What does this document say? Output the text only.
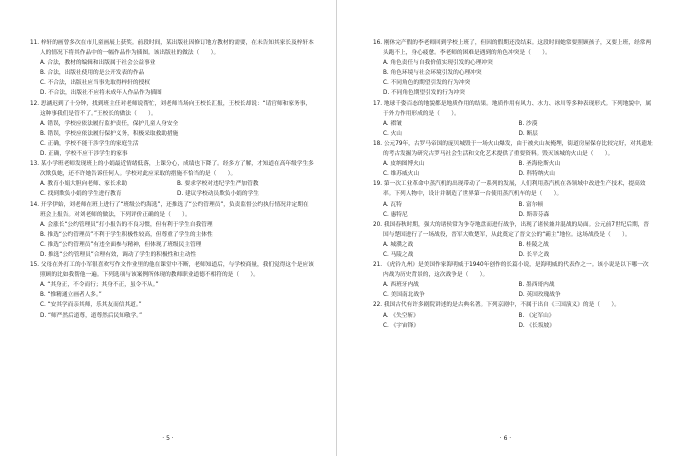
11. 梓轩的画曾多次在市儿童画展上获奖。前段时间，某出版社因修订地方教材的需要，在未告知其家长及梓轩本人的情况下将其作品中的一幅作品作为插图。该出版社的做法（　　）。

A. 合法，教材的编辑和出版属于社会公益事业

B. 合法，出版社使用的是公开发表的作品

C. 不合法，出版社应当事先取得梓轩的授权

D. 不合法，出版社不应将未成年人作品作为插图

12. 思涵迟到了十分钟，找到班主任对老师说帮忙，刘老师当场向王校长汇报，王校长却说：“请官师和家务事，这种事我们是管不了。”王校长的做法（　　）。

A. 错误，学校应依法履行监护责任，保护儿童人身安全

B. 错误，学校应依法履行保护义务，积极采取救助措施

C. 正确，学校不能干涉学生的家庭生活

D. 正确，学校不应干涉学生的家事

13. 某小学班老师发现班上的小娟最近情绪低落，上课分心，成绩也下降了。经多方了解，才知道在高年级学生多次欺负她，还不许她告诉任何人。学校对此应采取的措施不恰当的是（　　）。

A. 教育小娟大胆向老师、家长求助	B. 要求学校对违纪学生严加管教

C. 找到欺负小娟的学生进行教育	D. 建议学校动员欺负小娟的学生

14. 开学伊始，刘老师在班上进行了“班级公约海选”，还推选了“公约管理员”，负责监督公约执行情况并定期在班会上报告。对刘老师的做法，下列评价正确的是（　　）。

A. 会涨长“公约管理员”打小报告的不良习惯，但有利于学生自我管理

B. 推选“公约管理员”不利于学生积极性较高，但尊重了学生的主体性

C. 推选“公约管理员”有违全面参与精神，但体现了班级民主管理

D. 推选“公约管理员”合理有效，调动了学生的积极性和主动性

15. 父母在外打工的小军很喜欢写作文作业里的他在课堂中不断，老师知道后，与学校商量，我们觉得这个是应该照顾的比如我帮他一遍。下列选项与该案例所体现的教师职业道德不相符的是（　　）。

A. “其身正，不令而行；其身不正，虽令不从。”

B. “惟精通立画者人多。”

C. “安其学而亲其师，乐其友而信其道。”

D. “师严然后道尊，道尊然后民知敬学。”

· 5 ·

16. 刚休完产假的李老师回到学校上班了，但因的假期还没结束。这段时间她常要照顾孩子，又要上班，经常两头跑不上，身心疲惫。李老师的困难是遇到的角色冲突是（　　）。

A. 角色责任与自我价值实现引发的心理冲突

B. 角色环境与社会环境引发的心理冲突

C. 不同角色的期望引发的行为冲突

D. 不同角色期望引发的行为冲突

17. 地球千姿百态的地貌都是地质作用的结果。地质作用有风力、水力、冰川等多种表现形式。下列地貌中，属于外力作用形成的是（　　）。

A. 褶皱	B. 沙漠

C. 火山	D. 断层

18. 公元79年，古罗马帝国的庞贝城毁于一场火山爆发，由于被火山灰掩埋，街道房屋保存比较完好，对其遗址的考古发掘为研究古罗马社会生活和文化艺术提供了重要资料。毁灭该城的火山是（　　）。

A. 皮纳图博火山	B. 圣海伦斯火山

C. 维苏威火山	D. 科特纳火山

19. 第一次工业革命中蒸汽机的出现带动了一系列的发展，人们利用蒸汽机在各领域中改进生产技术，提高效率。下列人物中，设计并制造了世界第一台使用蒸汽机车的是（　　）。

A. 瓦特	B. 富尔顿

C. 惠特尼	D. 斯蒂芬森

20. 我国春秋时期，强大的诸侯常为争夺地盘而进行战争，出现了诸侯兼并混战的局面。公元前7世纪后期，晋国与楚国进行了一场战役，晋军大败楚军，从此奠定了晋文公的“霸主”地位。这场战役是（　　）。

A. 城濮之战	B. 桂陵之战

C. 马陵之战	D. 长平之战

21. 《虎钤九州》是美国作家海明威于1940年创作的长篇小说，是海明威的代表作之一。该小说是以下哪一次内战为历史背景的，这次战争是（　　）。

A. 西班牙内战	B. 墨西哥内战

C. 美国南北战争	D. 英国玫瑰战争

22. 我国古代有许多剧院讲述的是古典名著。下列京剧中，不属于出自《三国演义》的是（　　）。

A. 《失空斩》	B. 《定军山》

C. 《宇宙锋》	D. 《长坂坡》

· 6 ·
